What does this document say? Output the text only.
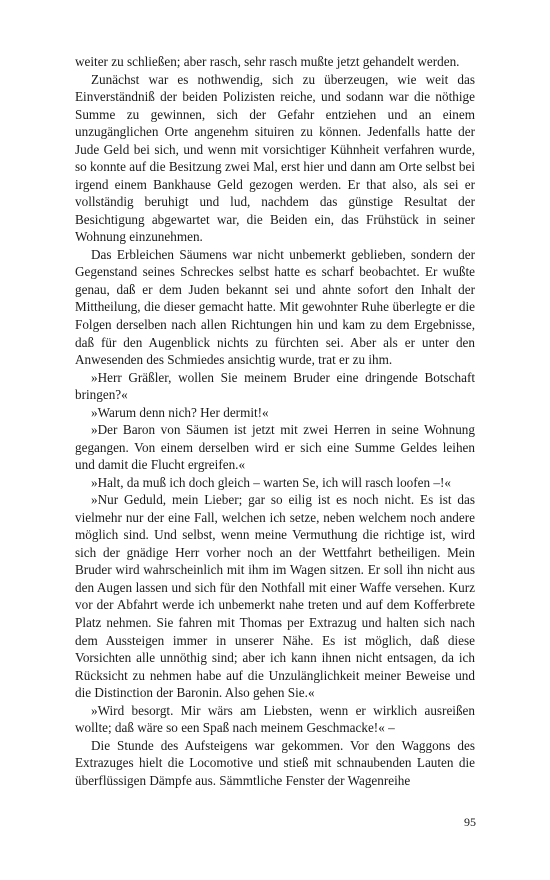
weiter zu schließen; aber rasch, sehr rasch mußte jetzt gehandelt werden.

Zunächst war es nothwendig, sich zu überzeugen, wie weit das Einverständniß der beiden Polizisten reiche, und sodann war die nöthige Summe zu gewinnen, sich der Gefahr entziehen und an einem unzugänglichen Orte angenehm situiren zu können. Jedenfalls hatte der Jude Geld bei sich, und wenn mit vorsichtiger Kühnheit verfahren wurde, so konnte auf die Besitzung zwei Mal, erst hier und dann am Orte selbst bei irgend einem Bankhause Geld gezogen werden. Er that also, als sei er vollständig beruhigt und lud, nachdem das günstige Resultat der Besichtigung abgewartet war, die Beiden ein, das Frühstück in seiner Wohnung einzunehmen.

Das Erbleichen Säumens war nicht unbemerkt geblieben, sondern der Gegenstand seines Schreckes selbst hatte es scharf beobachtet. Er wußte genau, daß er dem Juden bekannt sei und ahnte sofort den Inhalt der Mittheilung, die dieser gemacht hatte. Mit gewohnter Ruhe überlegte er die Folgen derselben nach allen Richtungen hin und kam zu dem Ergebnisse, daß für den Augenblick nichts zu fürchten sei. Aber als er unter den Anwesenden des Schmiedes ansichtig wurde, trat er zu ihm.

»Herr Gräßler, wollen Sie meinem Bruder eine dringende Botschaft bringen?«

»Warum denn nich? Her dermit!«

»Der Baron von Säumen ist jetzt mit zwei Herren in seine Wohnung gegangen. Von einem derselben wird er sich eine Summe Geldes leihen und damit die Flucht ergreifen.«

»Halt, da muß ich doch gleich – warten Se, ich will rasch loofen –!«

»Nur Geduld, mein Lieber; gar so eilig ist es noch nicht. Es ist das vielmehr nur der eine Fall, welchen ich setze, neben welchem noch andere möglich sind. Und selbst, wenn meine Vermuthung die richtige ist, wird sich der gnädige Herr vorher noch an der Wettfahrt betheiligen. Mein Bruder wird wahrscheinlich mit ihm im Wagen sitzen. Er soll ihn nicht aus den Augen lassen und sich für den Nothfall mit einer Waffe versehen. Kurz vor der Abfahrt werde ich unbemerkt nahe treten und auf dem Kofferbrete Platz nehmen. Sie fahren mit Thomas per Extrazug und halten sich nach dem Aussteigen immer in unserer Nähe. Es ist möglich, daß diese Vorsichten alle unnöthig sind; aber ich kann ihnen nicht entsagen, da ich Rücksicht zu nehmen habe auf die Unzulänglichkeit meiner Beweise und die Distinction der Baronin. Also gehen Sie.«

»Wird besorgt. Mir wärs am Liebsten, wenn er wirklich ausreißen wollte; daß wäre so een Spaß nach meinem Geschmacke!« –

Die Stunde des Aufsteigens war gekommen. Vor den Waggons des Extrazuges hielt die Locomotive und stieß mit schnaubenden Lauten die überflüssigen Dämpfe aus. Sämmtliche Fenster der Wagenreihe

95
